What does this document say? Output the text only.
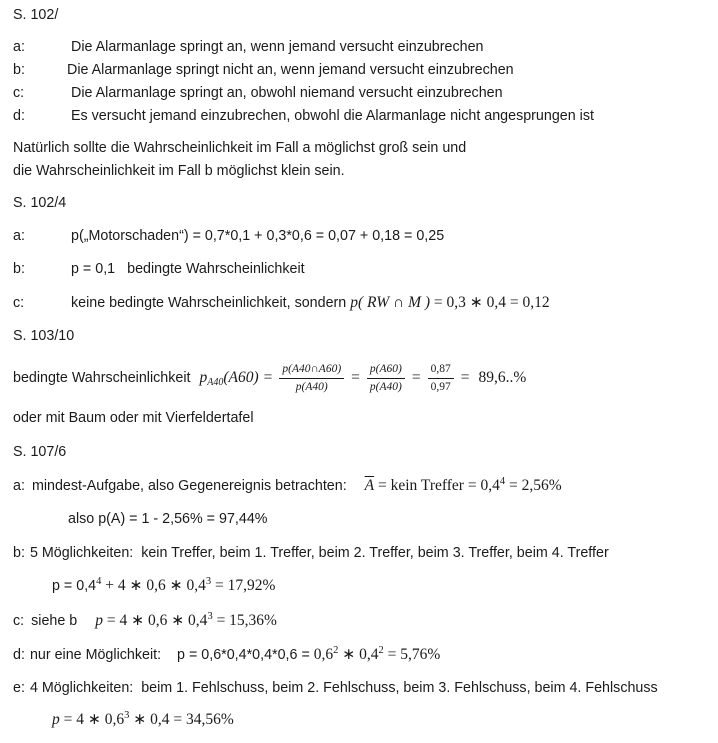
S. 102/
a:	Die Alarmanlage springt an, wenn jemand versucht einzubrechen
b:	Die Alarmanlage springt nicht an, wenn jemand versucht einzubrechen
c:	Die Alarmanlage springt an, obwohl niemand versucht einzubrechen
d:	Es versucht jemand einzubrechen, obwohl die Alarmanlage nicht angesprungen ist
Natürlich sollte die Wahrscheinlichkeit im Fall a möglichst groß sein und
die Wahrscheinlichkeit im Fall b möglichst klein sein.
S. 102/4
a:	p(„Motorschaden“) = 0,7*0,1 + 0,3*0,6 = 0,07 + 0,18 = 0,25
b:	p = 0,1 bedingte Wahrscheinlichkeit
c:	keine bedingte Wahrscheinlichkeit, sondern p( RW ∩ M ) = 0,3 ∗ 0,4 = 0,12
S. 103/10
bedingte Wahrscheinlichkeit $p_{A40}(A60) = \frac{p(A40\cap A60)}{p(A40)} = \frac{p(A60)}{p(A40)} = \frac{0,87}{0,97} = 89,6..\%$
oder mit Baum oder mit Vierfeldertafel
S. 107/6
a: mindest-Aufgabe, also Gegenereignis betrachten: $\overline{A}$ = kein Treffer = $0,4^4 = 2,56\%$
also p(A) = 1 - 2,56% = 97,44%
b: 5 Möglichkeiten:  kein Treffer, beim 1. Treffer, beim 2. Treffer, beim 3. Treffer, beim 4. Treffer
$p = 0,4^4 + 4$ ∗ 0,6 ∗ $0,4^3 = 17,92\%$
c: siehe b p = 4 ∗ 0,6 ∗ $0,4^3 = 15,36\%$
d: nur eine Möglichkeit: $p = 0,6*0,4*0,4*0,6 = 0,6^2$ ∗ $0,4^2 = 5,76\%$
e: 4 Möglichkeiten:  beim 1. Fehlschuss, beim 2. Fehlschuss, beim 3. Fehlschuss, beim 4. Fehlschuss
p = 4 ∗ $0,6^3$ ∗ 0,4 = 34,56%
